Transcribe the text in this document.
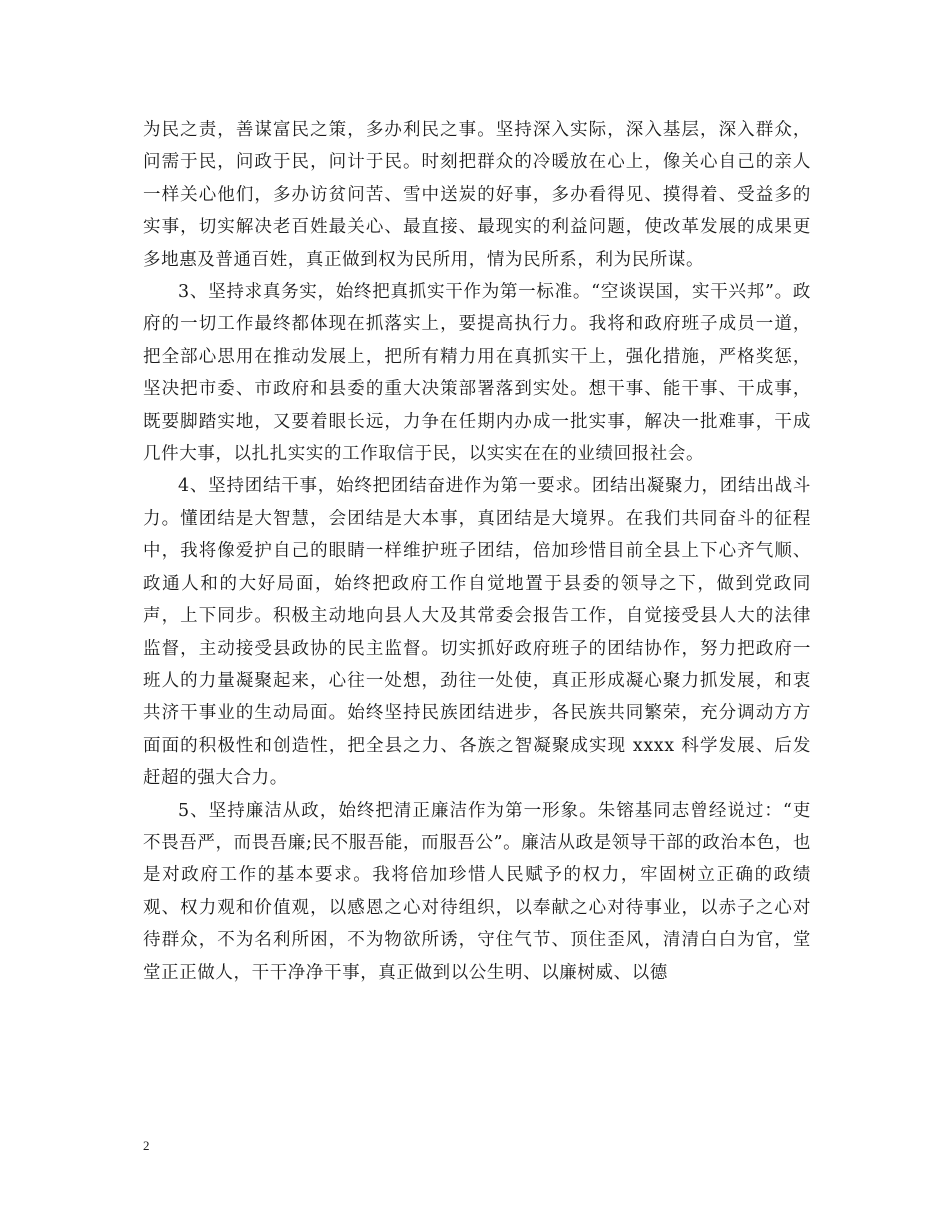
为民之责，善谋富民之策，多办利民之事。坚持深入实际，深入基层，深入群众，问需于民，问政于民，问计于民。时刻把群众的冷暖放在心上，像关心自己的亲人一样关心他们，多办访贫问苦、雪中送炭的好事，多办看得见、摸得着、受益多的实事，切实解决老百姓最关心、最直接、最现实的利益问题，使改革发展的成果更多地惠及普通百姓，真正做到权为民所用，情为民所系，利为民所谋。

3、坚持求真务实，始终把真抓实干作为第一标准。“空谈误国，实干兴邦”。政府的一切工作最终都体现在抓落实上，要提高执行力。我将和政府班子成员一道，把全部心思用在推动发展上，把所有精力用在真抓实干上，强化措施，严格奖惩，坚决把市委、市政府和县委的重大决策部署落到实处。想干事、能干事、干成事，既要脚踏实地，又要着眼长远，力争在任期内办成一批实事，解决一批难事，干成几件大事，以扎扎实实的工作取信于民，以实实在在的业绩回报社会。

4、坚持团结干事，始终把团结奋进作为第一要求。团结出凝聚力，团结出战斗力。懂团结是大智慧，会团结是大本事，真团结是大境界。在我们共同奋斗的征程中，我将像爱护自己的眼睛一样维护班子团结，倍加珍惜目前全县上下心齐气顺、政通人和的大好局面，始终把政府工作自觉地置于县委的领导之下，做到党政同声，上下同步。积极主动地向县人大及其常委会报告工作，自觉接受县人大的法律监督，主动接受县政协的民主监督。切实抓好政府班子的团结协作，努力把政府一班人的力量凝聚起来，心往一处想，劲往一处使，真正形成凝心聚力抓发展，和衷共济干事业的生动局面。始终坚持民族团结进步，各民族共同繁荣，充分调动方方面面的积极性和创造性，把全县之力、各族之智凝聚成实现 xxxx 科学发展、后发赶超的强大合力。

5、坚持廉洁从政，始终把清正廉洁作为第一形象。朱镕基同志曾经说过：“吏不畏吾严，而畏吾廉;民不服吾能，而服吾公”。廉洁从政是领导干部的政治本色，也是对政府工作的基本要求。我将倍加珍惜人民赋予的权力，牢固树立正确的政绩观、权力观和价值观，以感恩之心对待组织，以奉献之心对待事业，以赤子之心对待群众，不为名利所困，不为物欲所诱，守住气节、顶住歪风，清清白白为官，堂堂正正做人，干干净净干事，真正做到以公生明、以廉树威、以德

2
